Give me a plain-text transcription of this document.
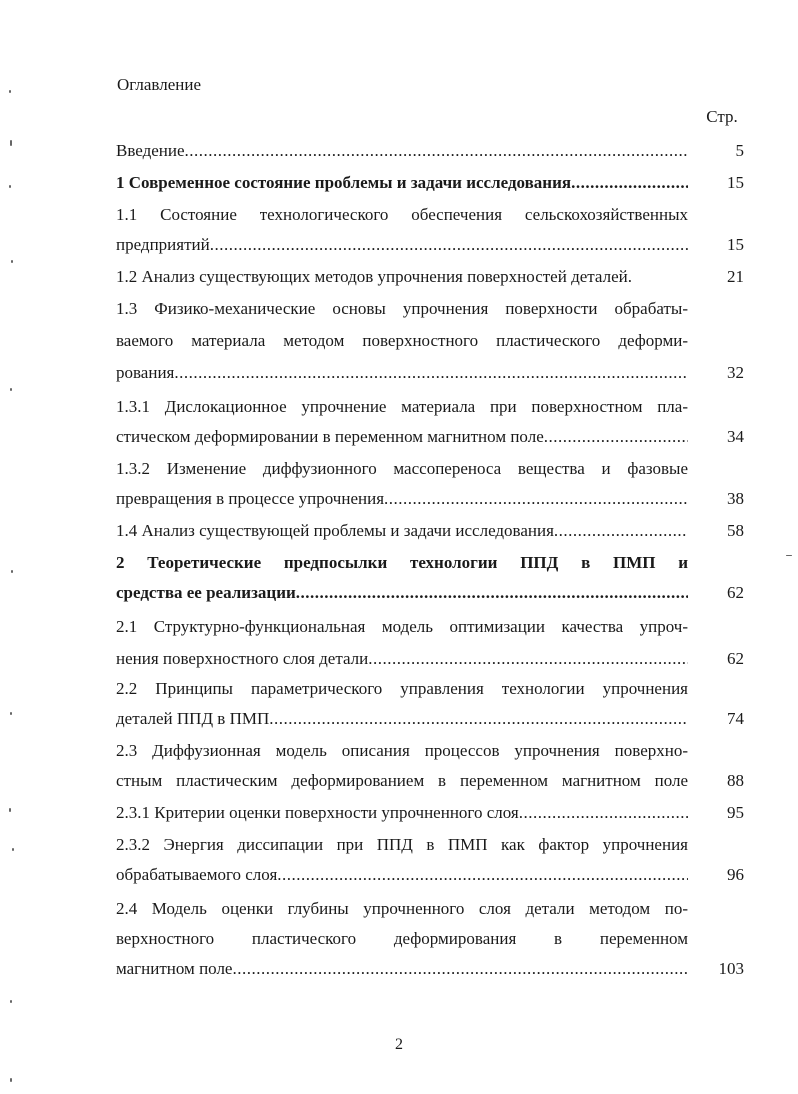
Оглавление
Стр.
Введение .....	5
1 Современное состояние проблемы и задачи исследования .....	15
1.1 Состояние технологического обеспечения сельскохозяйственных
предприятий .....	15
1.2 Анализ существующих методов упрочнения поверхностей деталей.	21
1.3 Физико-механические основы упрочнения поверхности обрабаты-
ваемого материала методом поверхностного пластического деформи-
рования .....	32
1.3.1 Дислокационное упрочнение материала при поверхностном пла-
стическом деформировании в переменном магнитном поле .....	34
1.3.2 Изменение диффузионного массопереноса вещества и фазовые
превращения в процессе упрочнения .....	38
1.4 Анализ существующей проблемы и задачи исследования .....	58
2 Теоретические предпосылки технологии ППД в ПМП и
средства ее реализации .....	62
2.1 Структурно-функциональная модель оптимизации качества упроч-
нения поверхностного слоя детали .....	62
2.2 Принципы параметрического управления технологии упрочнения
деталей ППД в ПМП .....	74
2.3 Диффузионная модель описания процессов упрочнения поверхно-
стным пластическим деформированием в переменном магнитном поле	88
2.3.1 Критерии оценки поверхности упрочненного слоя .....	95
2.3.2 Энергия диссипации при ППД в ПМП как фактор упрочнения
обрабатываемого слоя .....	96
2.4 Модель оценки глубины упрочненного слоя детали методом по-
верхностного пластического деформирования в переменном
магнитном поле .....	103
2
